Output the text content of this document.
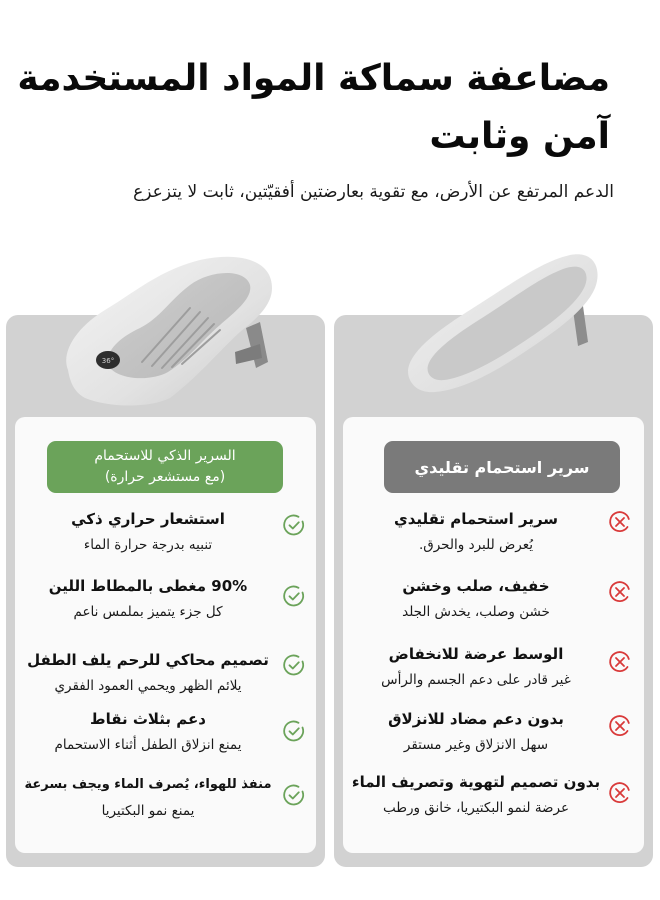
مضاعفة سماكة المواد المستخدمة
آمن وثابت
الدعم المرتفع عن الأرض، مع تقوية بعارضتين أفقيّتين، ثابت لا يتزعزع
السرير الذكي للاستحمام
(مع مستشعر حرارة)
استشعار حراري ذكي
تنبيه بدرجة حرارة الماء
90% مغطى بالمطاط اللين
كل جزء يتميز بملمس ناعم
تصميم محاكي للرحم يلف الطفل
يلائم الظهر ويحمي العمود الفقري
دعم بثلاث نقاط
يمنع انزلاق الطفل أثناء الاستحمام
منفذ للهواء، يُصرف الماء ويجف بسرعة
يمنع نمو البكتيريا
سرير استحمام تقليدي
سرير استحمام تقليدي
يُعرض للبرد والحرق.
خفيف، صلب وخشن
خشن وصلب، يخدش الجلد
الوسط عرضة للانخفاض
غير قادر على دعم الجسم والرأس
بدون دعم مضاد للانزلاق
سهل الانزلاق وغير مستقر
بدون تصميم لتهوية وتصريف الماء
عرضة لنمو البكتيريا، خانق ورطب
36°
